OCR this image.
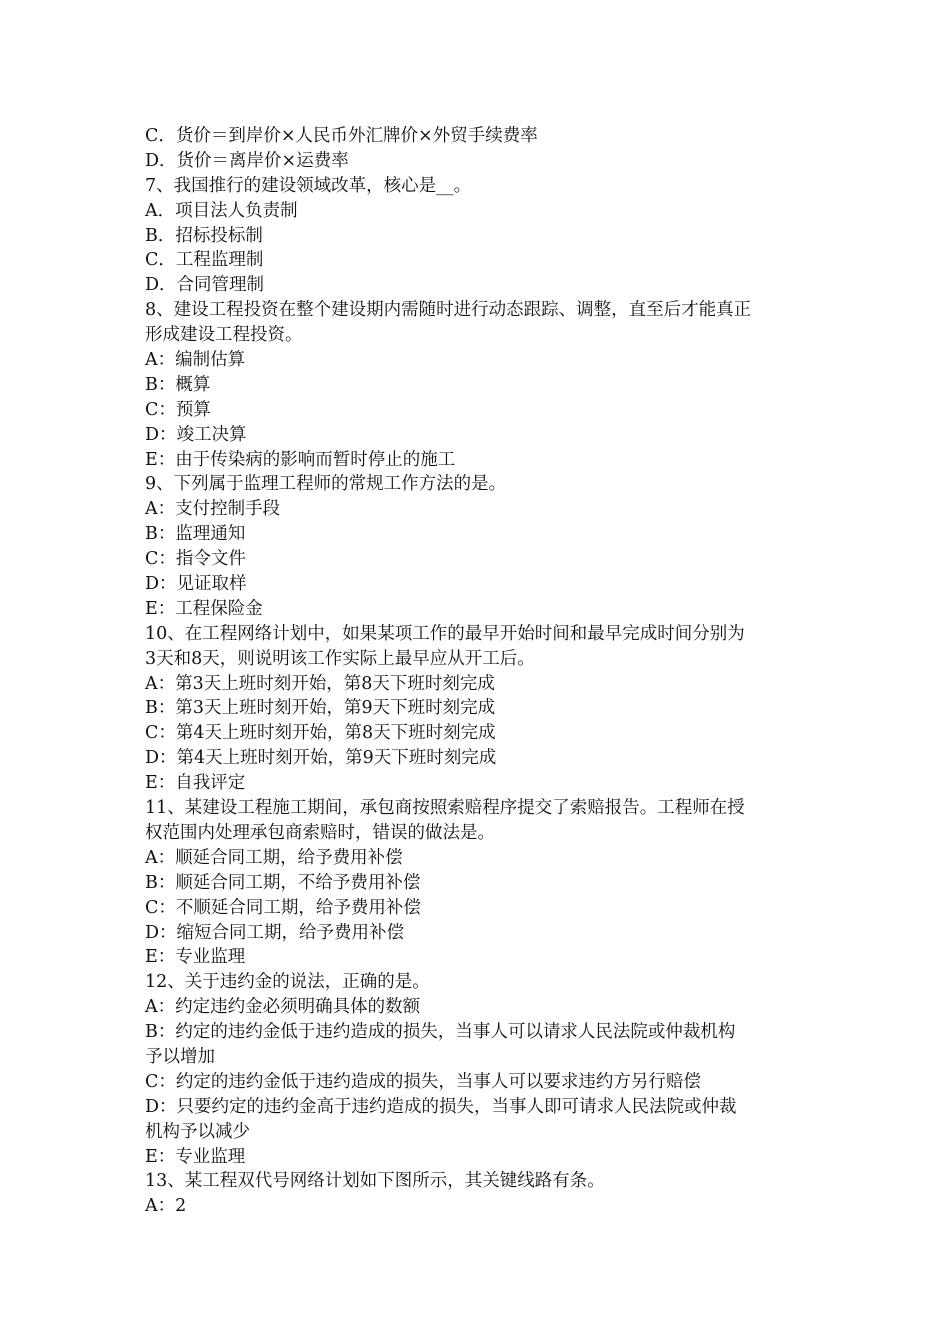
C．货价＝到岸价×人民币外汇牌价×外贸手续费率
D．货价＝离岸价×运费率
7、我国推行的建设领域改革，核心是__。
A．项目法人负责制
B．招标投标制
C．工程监理制
D．合同管理制
8、建设工程投资在整个建设期内需随时进行动态跟踪、调整，直至后才能真正
形成建设工程投资。
A：编制估算
B：概算
C：预算
D：竣工决算
E：由于传染病的影响而暂时停止的施工
9、下列属于监理工程师的常规工作方法的是。
A：支付控制手段
B：监理通知
C：指令文件
D：见证取样
E：工程保险金
10、在工程网络计划中，如果某项工作的最早开始时间和最早完成时间分别为
3天和8天，则说明该工作实际上最早应从开工后。
A：第3天上班时刻开始，第8天下班时刻完成
B：第3天上班时刻开始，第9天下班时刻完成
C：第4天上班时刻开始，第8天下班时刻完成
D：第4天上班时刻开始，第9天下班时刻完成
E：自我评定
11、某建设工程施工期间，承包商按照索赔程序提交了索赔报告。工程师在授
权范围内处理承包商索赔时，错误的做法是。
A：顺延合同工期，给予费用补偿
B：顺延合同工期，不给予费用补偿
C：不顺延合同工期，给予费用补偿
D：缩短合同工期，给予费用补偿
E：专业监理
12、关于违约金的说法，正确的是。
A：约定违约金必须明确具体的数额
B：约定的违约金低于违约造成的损失，当事人可以请求人民法院或仲裁机构
予以增加
C：约定的违约金低于违约造成的损失，当事人可以要求违约方另行赔偿
D：只要约定的违约金高于违约造成的损失，当事人即可请求人民法院或仲裁
机构予以减少
E：专业监理
13、某工程双代号网络计划如下图所示，其关键线路有条。
A：2
